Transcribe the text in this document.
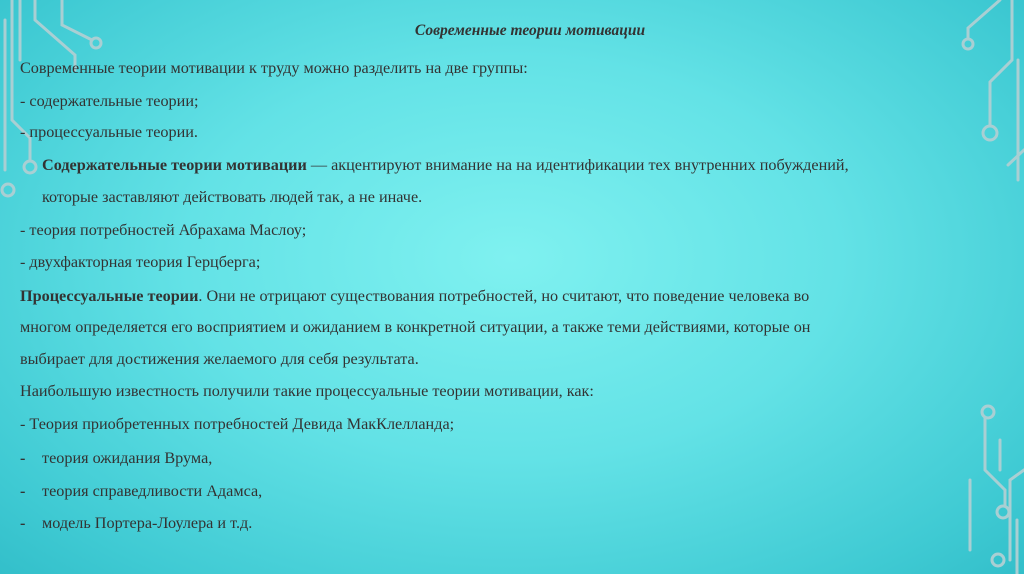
Современные теории мотивации
Современные теории мотивации к труду можно разделить на две группы:
- содержательные теории;
- процессуальные теории.
Содержательные теории мотивации — акцентируют внимание на на идентификации тех внутренних побуждений,
которые заставляют действовать людей так, а не иначе.
- теория потребностей Абрахама Маслоу;
- двухфакторная теория Герцберга;
Процессуальные теории. Они не отрицают существования потребностей, но считают, что поведение человека во
многом определяется его восприятием и ожиданием в конкретной ситуации, а также теми действиями, которые он
выбирает для достижения желаемого для себя результата.
Наибольшую известность получили такие процессуальные теории мотивации, как:
- Теория приобретенных потребностей Девида МакКлелланда;
- теория ожидания Врума,
- теория справедливости Адамса,
- модель Портера-Лоулера и т.д.
